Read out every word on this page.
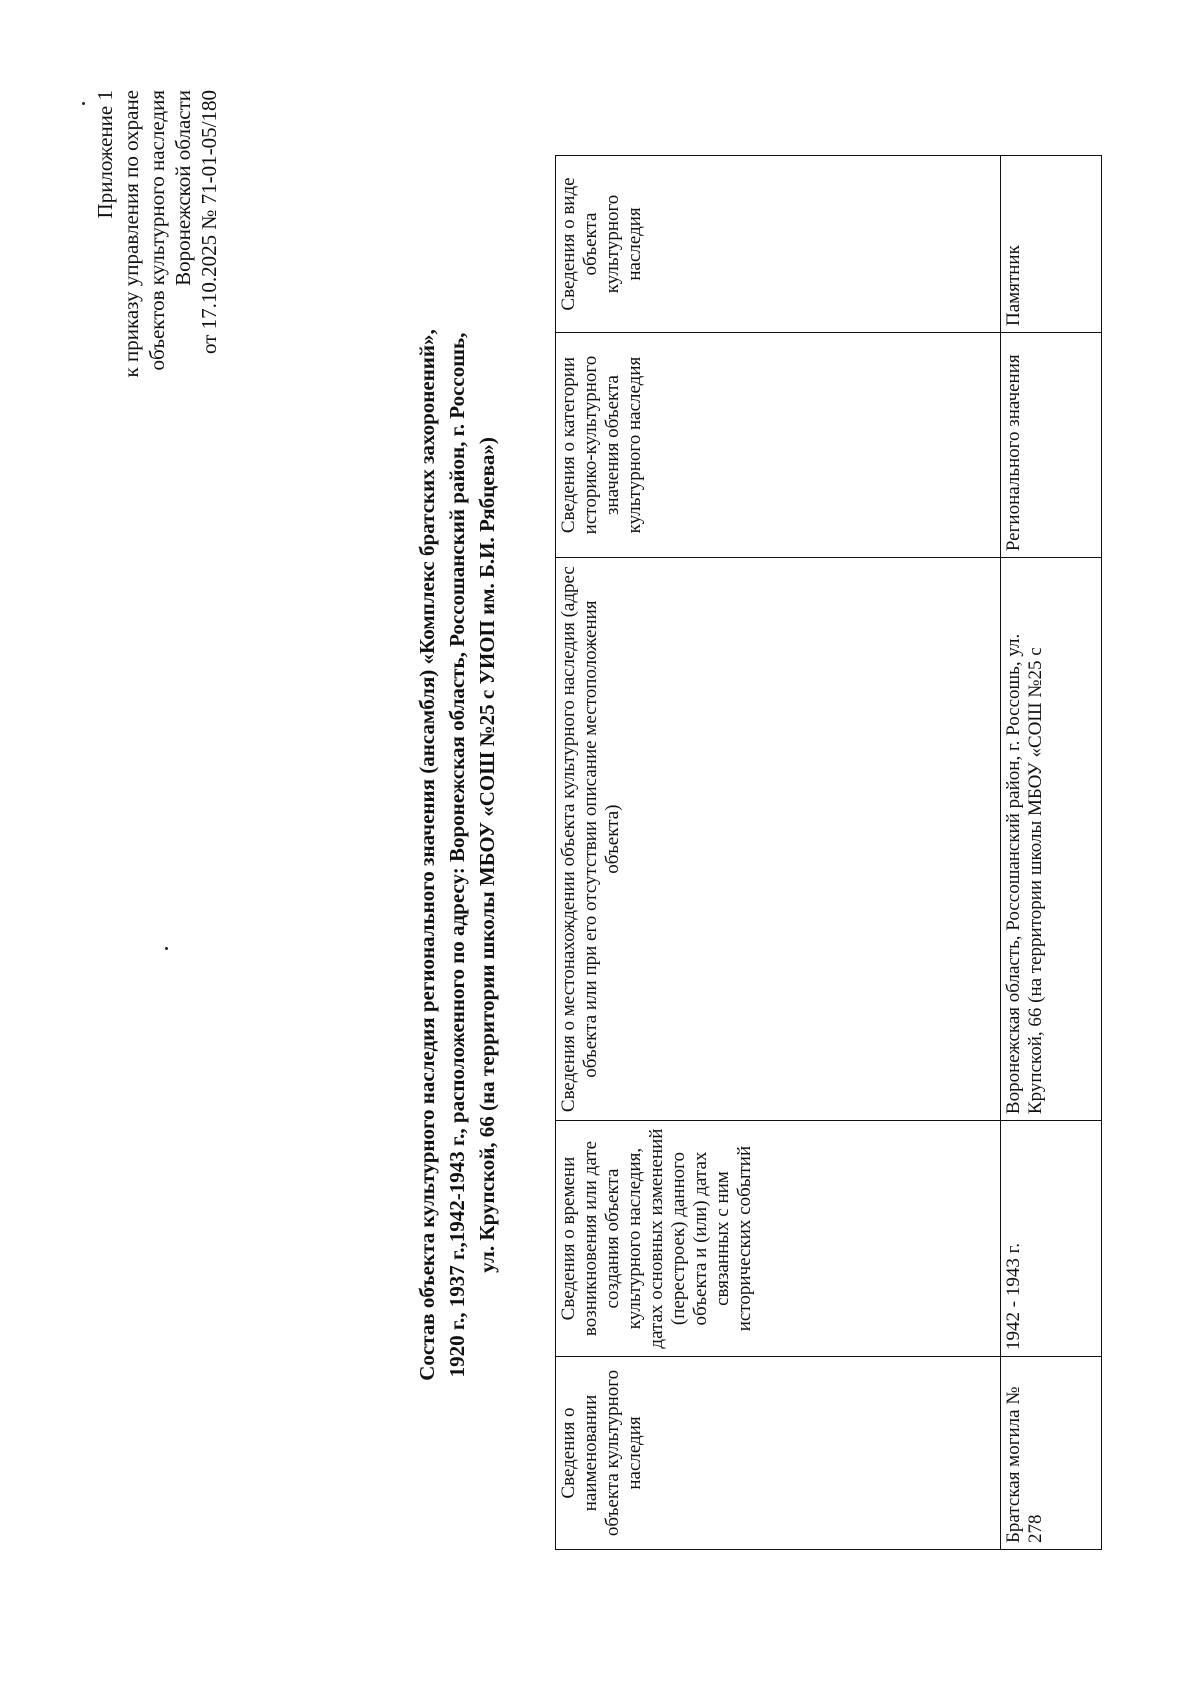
Приложение 1 к приказу управления по охране объектов культурного наследия Воронежской области от 17.10.2025 № 71-01-05/180
Состав объекта культурного наследия регионального значения (ансамбля) «Комплекс братских захоронений», 1920 г., 1937 г.,1942-1943 г., расположенного по адресу: Воронежская область, Россошанский район, г. Россошь, ул. Крупской, 66 (на территории школы МБОУ «СОШ №25 с УИОП им. Б.И. Рябцева»)
Сведения о наименовании объекта культурного наследия	Сведения о времени возникновения или дате создания объекта культурного наследия, датах основных изменений (перестроек) данного объекта и (или) датах связанных с ним исторических событий	Сведения о местонахождении объекта культурного наследия (адрес объекта или при его отсутствии описание местоположения объекта)	Сведения о категории историко-культурного значения объекта культурного наследия	Сведения о виде объекта культурного наследия
Братская могила № 278	1942 - 1943 г.	Воронежская область, Россошанский район, г. Россошь, ул. Крупской, 66 (на территории школы МБОУ «СОШ №25 с	Регионального значения	Памятник
